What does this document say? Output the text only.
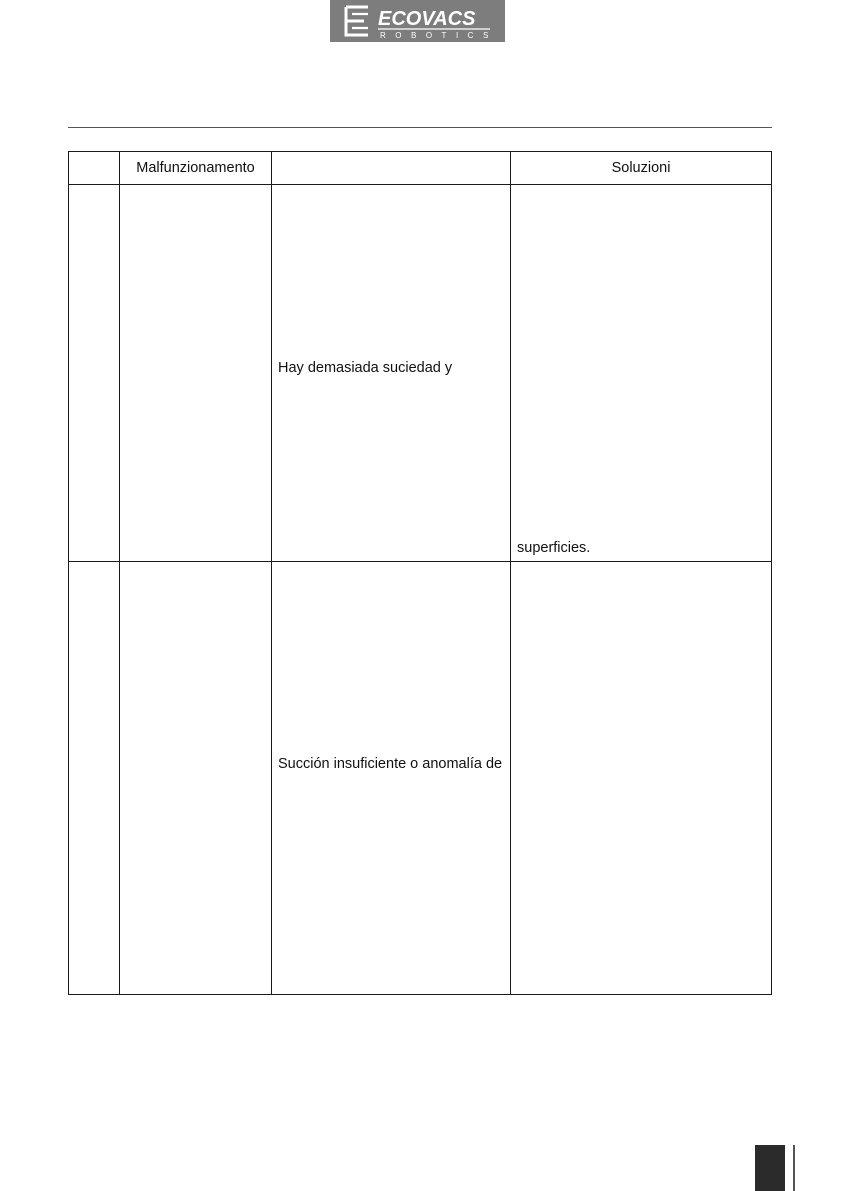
ECOVACS
ROBOTICS
	Malfunzionamento		Soluzioni

		Hay demasiada suciedad y	superficies.

		Succión insuficiente o anomalía de	
